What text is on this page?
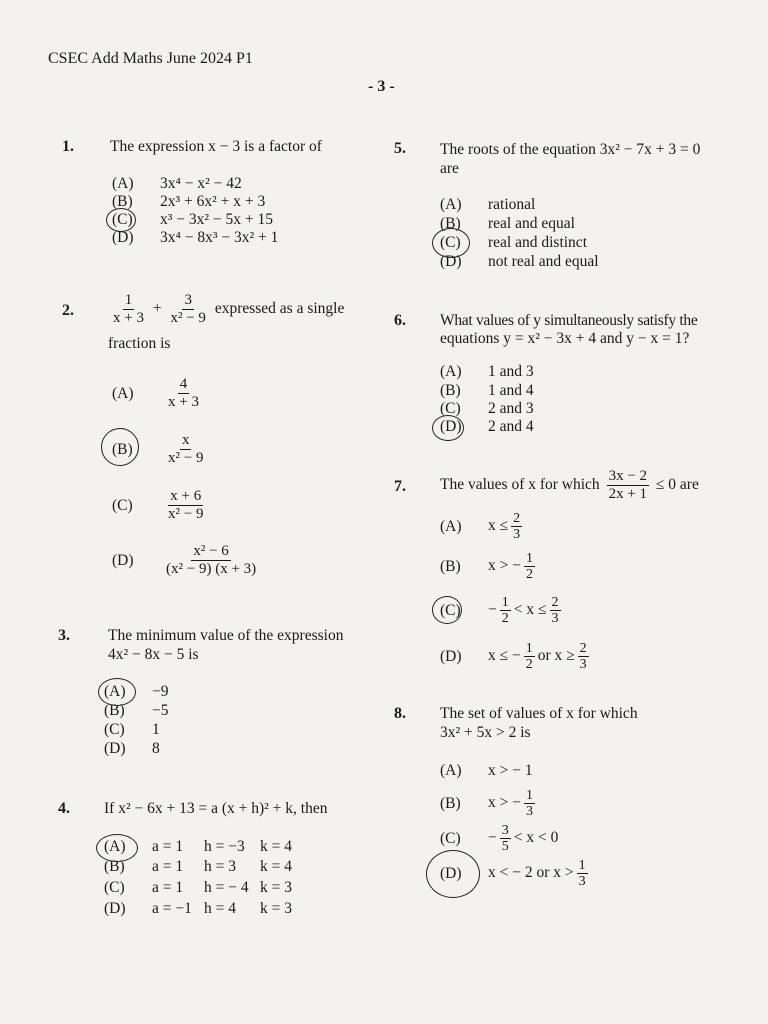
CSEC Add Maths June 2024 P1
- 3 -
1. The expression x − 3 is a factor of
(A) 3x⁴ − x² − 42
(B) 2x³ + 6x² + x + 3
(C) x³ − 3x² − 5x + 15
(D) 3x⁴ − 8x³ − 3x² + 1
2. $\frac{1}{x + 3} + \frac{3}{\text{x² − 9}}$ expressed as a single
fraction is
$(A) \frac{4}{x + 3}$
$(B) \frac{x}{\text{x² − 9}}$
$(C) \frac{x + 6}{\text{x² − 9}}$
$(D) \frac{\text{x² − 6}}{\text{(x² − 9) (x + 3)}}$
3. The minimum value of the expression
4x² − 8x − 5 is
(A) −9
(B) −5
(C) 1
(D) 8
4. If x² − 6x + 13 = a (x + h)² + k, then
(A) a = 1 h = −3 k = 4
(B) a = 1 h = 3 k = 4
(C) a = 1 h = − 4 k = 3
(D) a = −1 h = 4 k = 3
5. The roots of the equation 3x² − 7x + 3 = 0
are
(A) rational
(B) real and equal
(C) real and distinct
(D) not real and equal
6. What values of y simultaneously satisfy the
equations y = x² − 3x + 4 and y − x = 1?
(A) 1 and 3
(B) 1 and 4
(C) 2 and 3
(D) 2 and 4
7. The values of x for which $\frac{3x - 2}{2x + 1} \le 0$ are
(A) $x \le \frac{2}{3}$
(B) x > − $\frac{1}{2}$
$(C) - \frac{1}{2} < x \le \frac{2}{3}$
(D) x ≤ − $\frac{1}{2}$ or $x \ge \frac{2}{3}$
8. The set of values of x for which
3x² + 5x > 2 is
(A) x > − 1
(B) x > − $\frac{1}{3}$
$(C) - \frac{3}{5} < x < 0$
(D) x < − 2 or $x > \frac{1}{3}$
